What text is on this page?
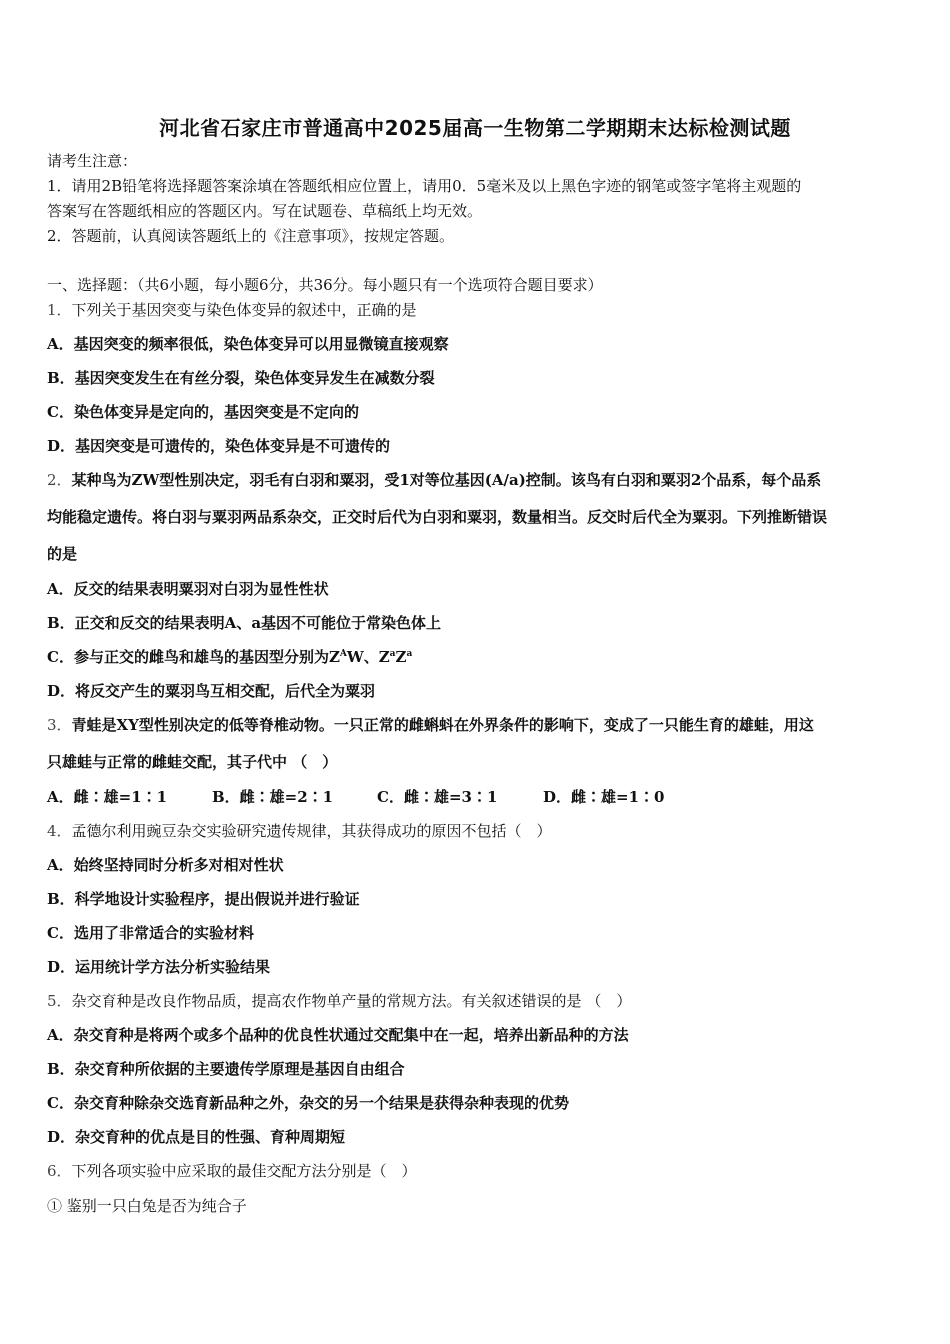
河北省石家庄市普通高中2025届高一生物第二学期期末达标检测试题
请考生注意：
1．请用2B铅笔将选择题答案涂填在答题纸相应位置上，请用0．5毫米及以上黑色字迹的钢笔或签字笔将主观题的
答案写在答题纸相应的答题区内。写在试题卷、草稿纸上均无效。
2．答题前，认真阅读答题纸上的《注意事项》，按规定答题。
一、选择题：（共6小题，每小题6分，共36分。每小题只有一个选项符合题目要求）
1．下列关于基因突变与染色体变异的叙述中，正确的是
A．基因突变的频率很低，染色体变异可以用显微镜直接观察
B．基因突变发生在有丝分裂，染色体变异发生在减数分裂
C．染色体变异是定向的，基因突变是不定向的
D．基因突变是可遗传的，染色体变异是不可遗传的
2．某种鸟为ZW型性别决定，羽毛有白羽和粟羽，受1对等位基因(A/a)控制。该鸟有白羽和粟羽2个品系，每个品系
均能稳定遗传。将白羽与粟羽两品系杂交，正交时后代为白羽和粟羽，数量相当。反交时后代全为粟羽。下列推断错误
的是
A．反交的结果表明粟羽对白羽为显性性状
B．正交和反交的结果表明A、a基因不可能位于常染色体上
C．参与正交的雌鸟和雄鸟的基因型分别为$Z^AW$、$Z^aZ^a$
D．将反交产生的粟羽鸟互相交配，后代全为粟羽
3．青蛙是XY型性别决定的低等脊椎动物。一只正常的雌蝌蚪在外界条件的影响下，变成了一只能生育的雄蛙，用这
只雄蛙与正常的雌蛙交配，其子代中 （　）
A．雌∶雄=1∶1	B．雌∶雄=2∶1	C．雌∶雄=3∶1	D．雌∶雄=1∶0
4．孟德尔利用豌豆杂交实验研究遗传规律，其获得成功的原因不包括（　）
A．始终坚持同时分析多对相对性状
B．科学地设计实验程序，提出假说并进行验证
C．选用了非常适合的实验材料
D．运用统计学方法分析实验结果
5．杂交育种是改良作物品质，提高农作物单产量的常规方法。有关叙述错误的是 （　）
A．杂交育种是将两个或多个品种的优良性状通过交配集中在一起，培养出新品种的方法
B．杂交育种所依据的主要遗传学原理是基因自由组合
C．杂交育种除杂交选育新品种之外，杂交的另一个结果是获得杂种表现的优势
D．杂交育种的优点是目的性强、育种周期短
6．下列各项实验中应采取的最佳交配方法分别是（　）
① 鉴别一只白兔是否为纯合子
